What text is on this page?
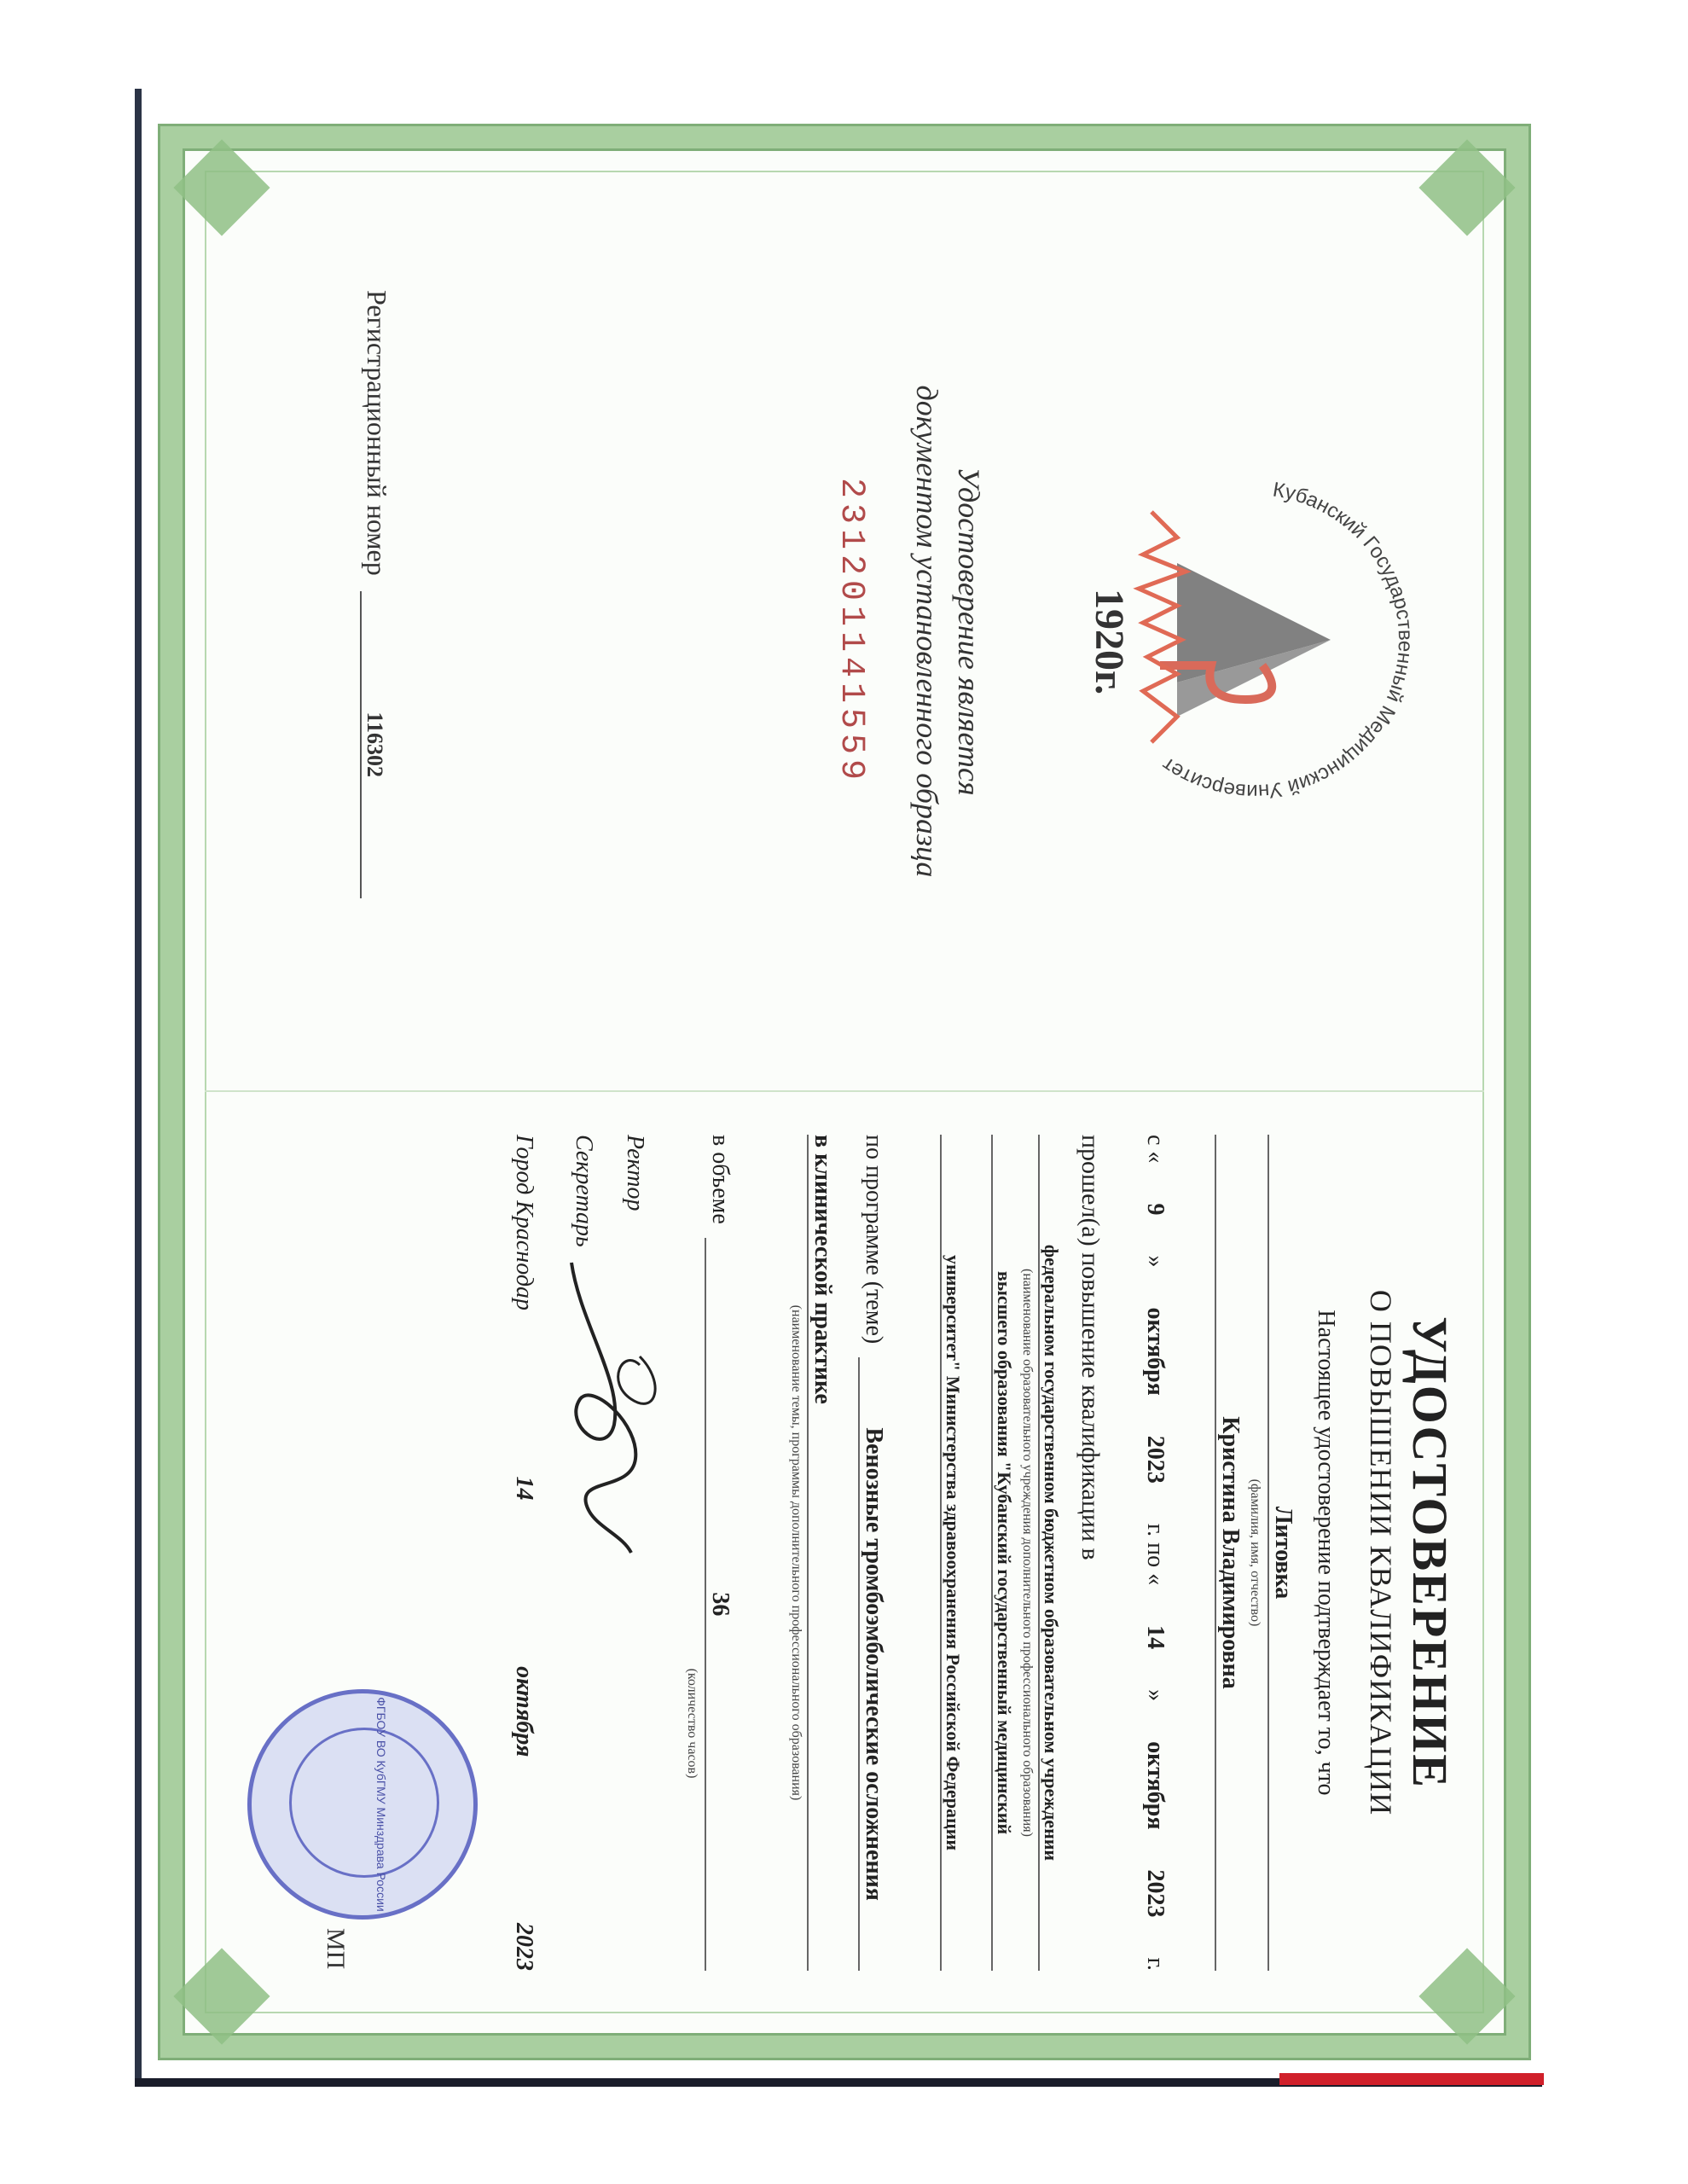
Кубанский Государственный Медицинский Университет
1920г.
Удостоверение является
документом установленного образца
231201141559
Регистрационный номер 116302
УДОСТОВЕРЕНИЕ
О ПОВЫШЕНИИ КВАЛИФИКАЦИИ
Настоящее удостоверение подтверждает то, что
Литовка
(фамилия, имя, отчество)
Кристина Владимировна
с «
9
»
октября
2023
г. по «
14
»
октября
2023
г.
прошел(а) повышение квалификации в
федеральном государственном бюджетном образовательном учреждении
(наименование образовательного учреждения дополнительного профессионального образования)
высшего образования "Кубанский государственный медицинский
университет" Министерства здравоохранения Российской Федерации
по программе (теме)
Венозные тромбоэмболические осложнения
в клинической практике
(наименование темы, программы дополнительного профессионального образования)
в объеме
36
(количество часов)
Ректор
Секретарь
Город Краснодар
14
октября
2023
ФГБОУ ВО КубГМУ Минздрава России
МП
